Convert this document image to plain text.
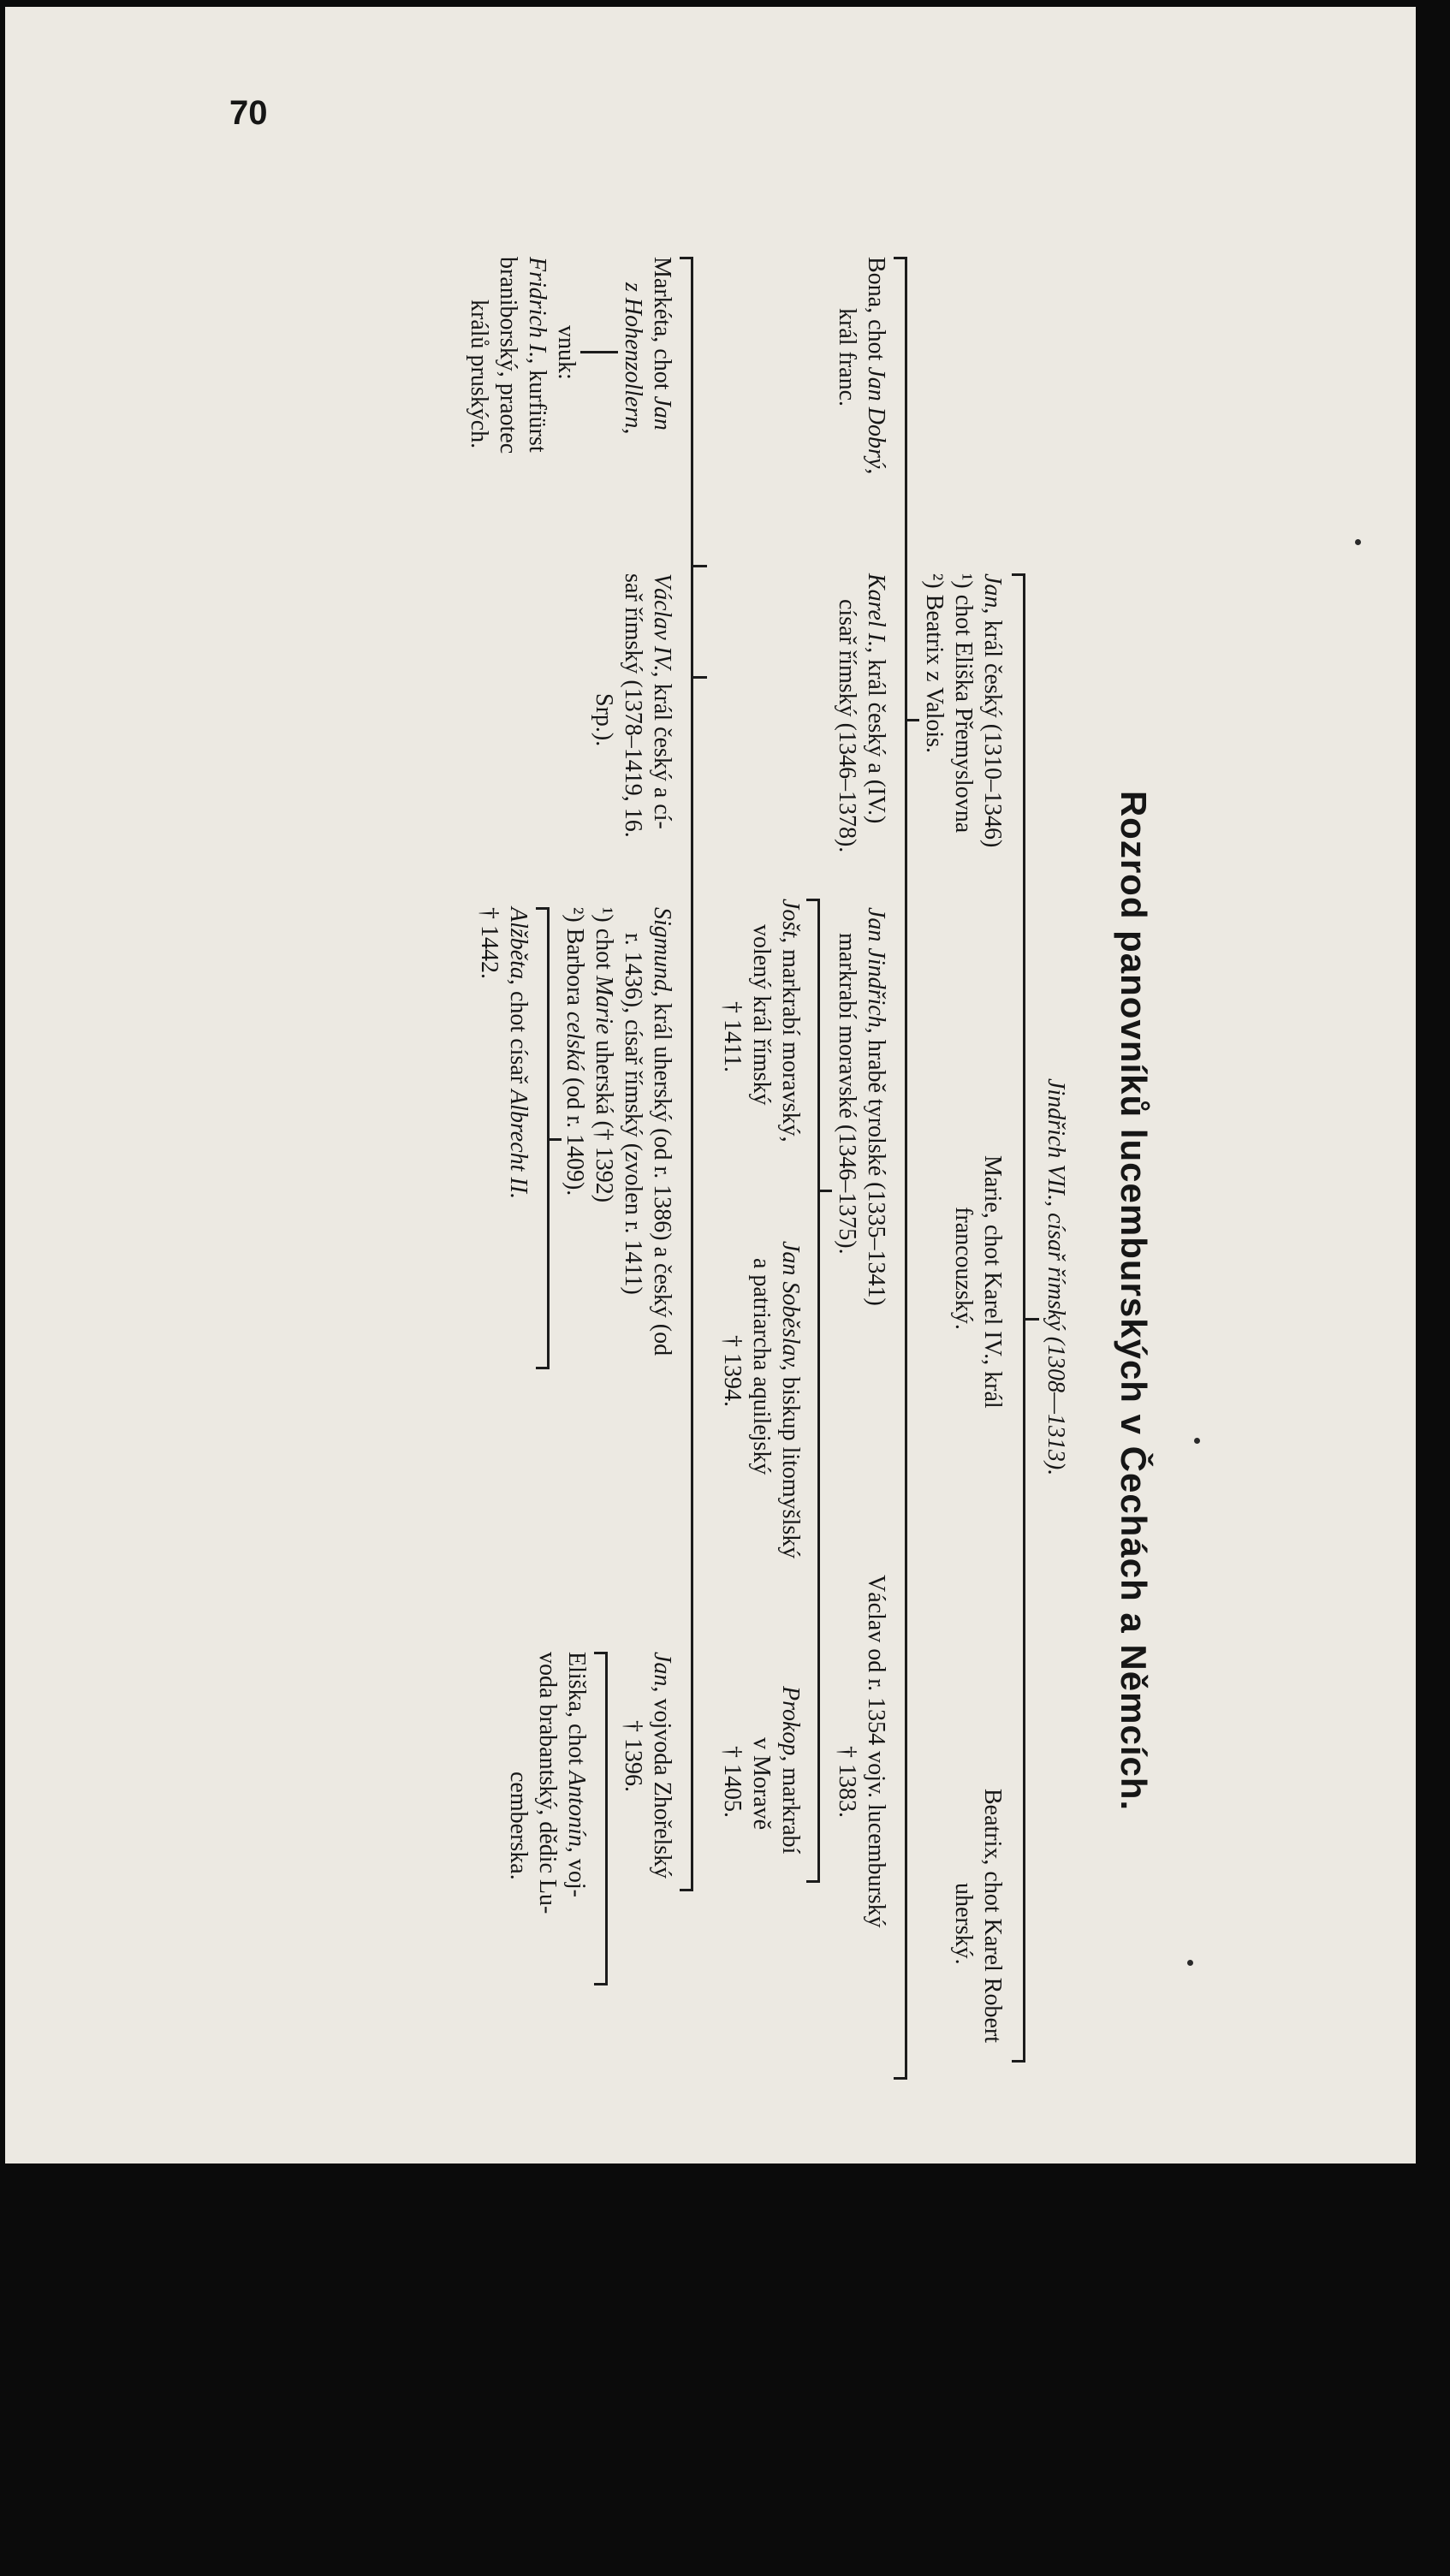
70
Rozrod panovníků lucemburských v Čechách a Němcích.
Jindřich VII., císař římský (1308—1313).
Jan, král český (1310–1346)
¹) chot Eliška Přemyslovna
²) Beatrix z Valois.
Marie, chot Karel IV., král
francouzský.
Beatrix, chot Karel Robert
uherský.
Bona, chot Jan Dobrý,
král franc.
Karel I., král český a (IV.)
císař římský (1346–1378).
Jan Jindřich, hrabě tyrolské (1335–1341)
markrabí moravské (1346–1375).
Václav od r. 1354 vojv. lucemburský
† 1383.
Jošt, markrabí moravský,
volený král římský
† 1411.
Jan Soběslav, biskup litomyšlský
a patriarcha aquilejský
† 1394.
Prokop, markrabí
v Moravě
† 1405.
Markéta, chot Jan
z Hohenzollern,
vnuk:
Fridrich I., kurfiürst
braniborský, praotec
králů pruských.
Václav IV., král český a cí-
sař římský (1378–1419, 16.
Srp.).
Sigmund, král uherský (od r. 1386) a český (od
r. 1436), císař římský (zvolen r. 1411)
¹) chot Marie uherská († 1392)
²) Barbora celská (od r. 1409).
Jan, vojvoda Zhořelský
† 1396.
Alžběta, chot císař Albrecht II.
† 1442.
Eliška, chot Antonín, voj-
voda brabantský, dědic Lu-
cemberska.
